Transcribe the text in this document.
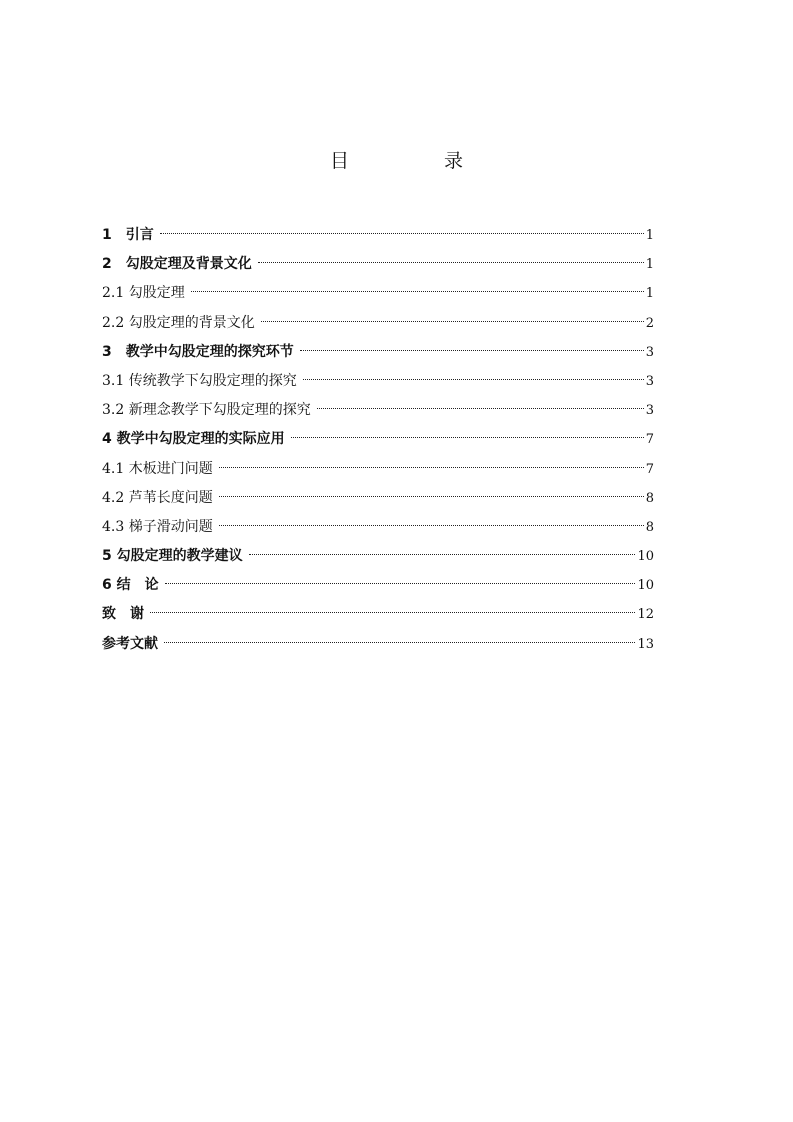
目　录
1　引言	1
2　勾股定理及背景文化	1
2.1 勾股定理	1
2.2 勾股定理的背景文化	2
3　教学中勾股定理的探究环节	3
3.1 传统教学下勾股定理的探究	3
3.2 新理念教学下勾股定理的探究	3
4 教学中勾股定理的实际应用	7
4.1 木板进门问题	7
4.2 芦苇长度问题	8
4.3 梯子滑动问题	8
5 勾股定理的教学建议	10
6 结　论	10
致　谢	12
参考文献	13
